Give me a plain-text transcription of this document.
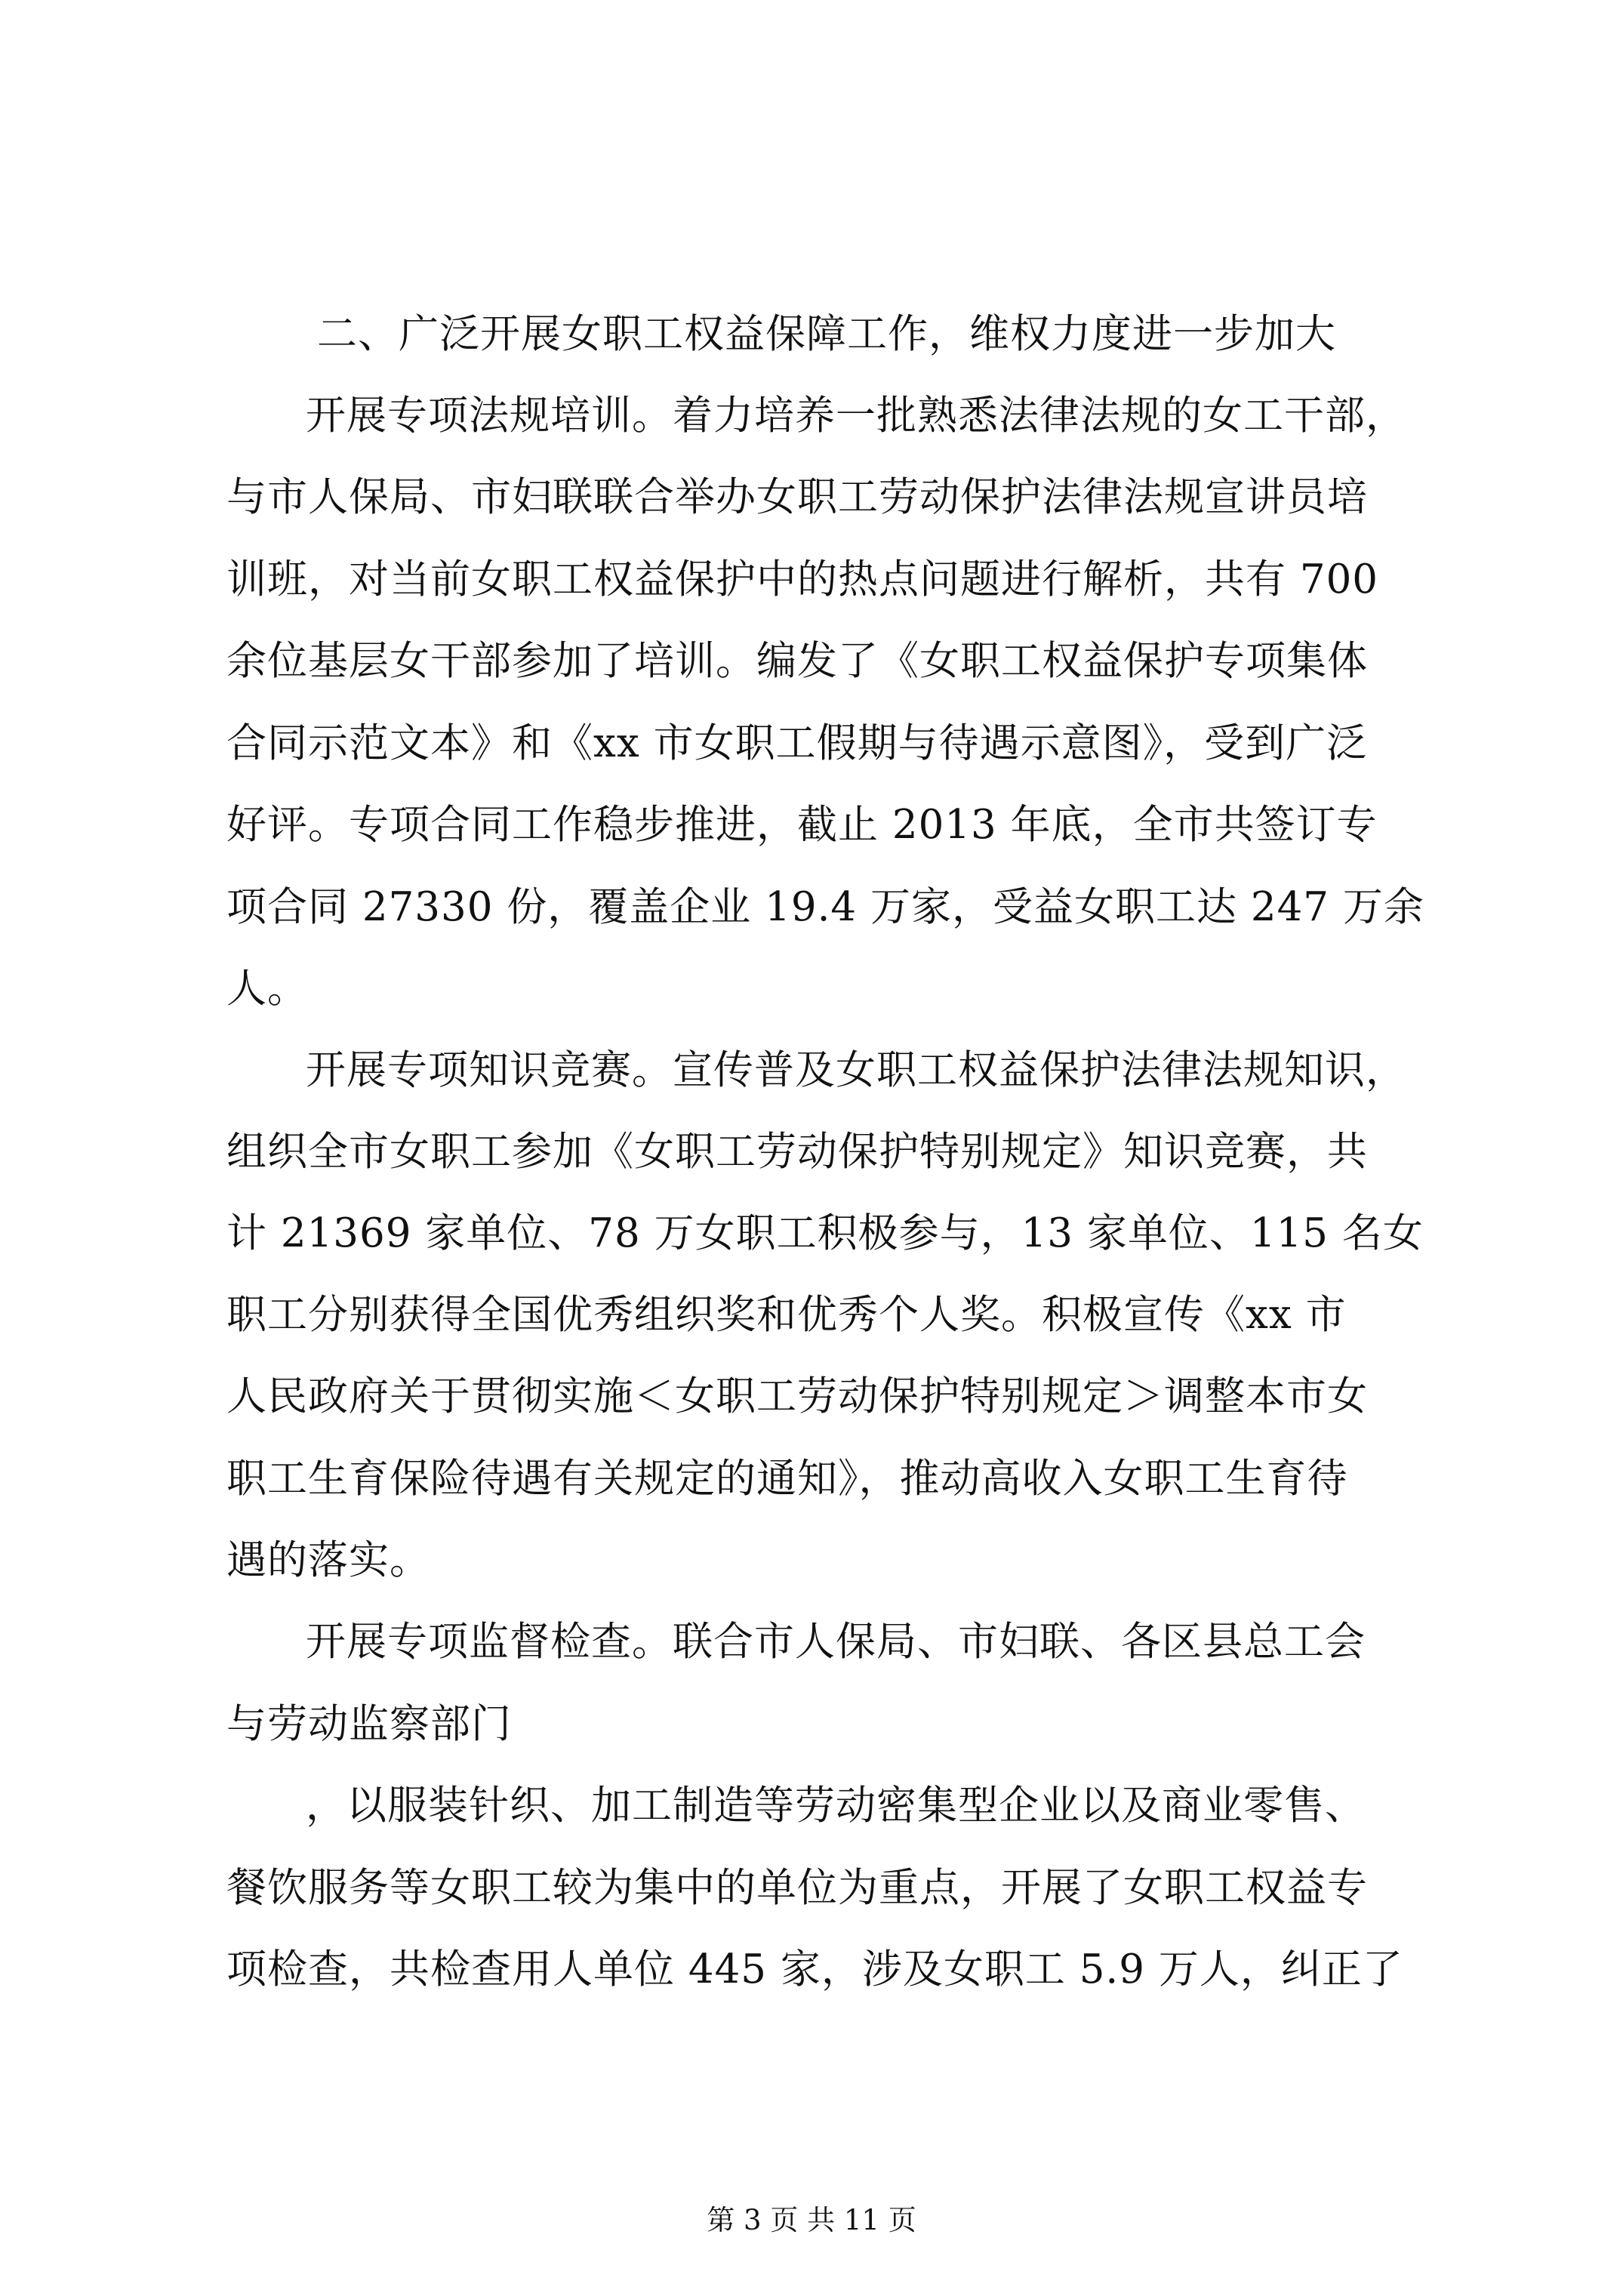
二、广泛开展女职工权益保障工作，维权力度进一步加大
开展专项法规培训。着力培养一批熟悉法律法规的女工干部，
与市人保局、市妇联联合举办女职工劳动保护法律法规宣讲员培
训班，对当前女职工权益保护中的热点问题进行解析，共有 700
余位基层女干部参加了培训。编发了《女职工权益保护专项集体
合同示范文本》和《xx 市女职工假期与待遇示意图》，受到广泛
好评。专项合同工作稳步推进，截止 2013 年底，全市共签订专
项合同 27330 份，覆盖企业 19.4 万家，受益女职工达 247 万余
人。
开展专项知识竞赛。宣传普及女职工权益保护法律法规知识，
组织全市女职工参加《女职工劳动保护特别规定》知识竞赛，共
计 21369 家单位、78 万女职工积极参与，13 家单位、115 名女
职工分别获得全国优秀组织奖和优秀个人奖。积极宣传《xx 市
人民政府关于贯彻实施＜女职工劳动保护特别规定＞调整本市女
职工生育保险待遇有关规定的通知》，推动高收入女职工生育待
遇的落实。
开展专项监督检查。联合市人保局、市妇联、各区县总工会
与劳动监察部门
，以服装针织、加工制造等劳动密集型企业以及商业零售、
餐饮服务等女职工较为集中的单位为重点，开展了女职工权益专
项检查，共检查用人单位 445 家，涉及女职工 5.9 万人，纠正了
第 3 页 共 11 页
